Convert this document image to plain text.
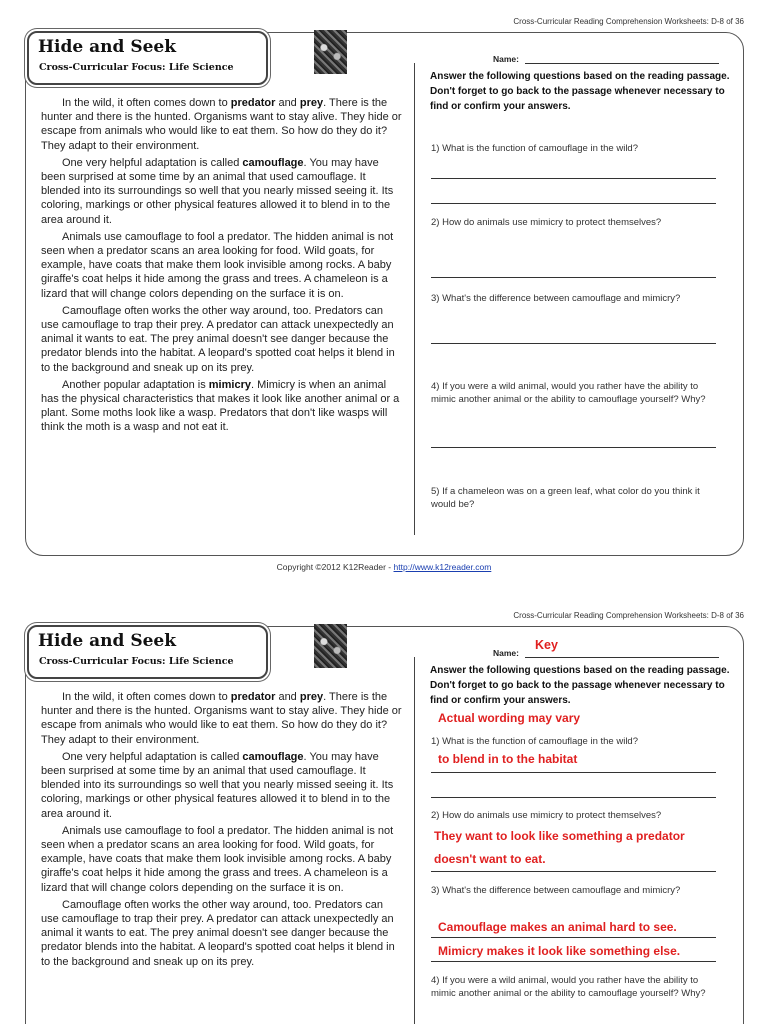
Cross-Curricular Reading Comprehension Worksheets: D-8 of 36
Hide and Seek
Cross-Curricular Focus: Life Science

In the wild, it often comes down to predator and prey. There is the hunter and there is the hunted. Organisms want to stay alive. They hide or escape from animals who would like to eat them. So how do they do it? They adapt to their environment.

One very helpful adaptation is called camouflage. You may have been surprised at some time by an animal that used camouflage. It blended into its surroundings so well that you nearly missed seeing it. Its coloring, markings or other physical features allowed it to blend in to the area around it.

Animals use camouflage to fool a predator. The hidden animal is not seen when a predator scans an area looking for food. Wild goats, for example, have coats that make them look invisible among rocks. A baby giraffe's coat helps it hide among the grass and trees. A chameleon is a lizard that will change colors depending on the surface it is on.

Camouflage often works the other way around, too. Predators can use camouflage to trap their prey. A predator can attack unexpectedly an animal it wants to eat. The prey animal doesn't see danger because the predator blends into the habitat. A leopard's spotted coat helps it blend in to the background and sneak up on its prey.

Another popular adaptation is mimicry. Mimicry is when an animal has the physical characteristics that makes it look like another animal or a plant. Some moths look like a wasp. Predators that don't like wasps will think the moth is a wasp and not eat it.

Name:
Answer the following questions based on the reading passage. Don't forget to go back to the passage whenever necessary to find or confirm your answers.
1) What is the function of camouflage in the wild?
2) How do animals use mimicry to protect themselves?
3) What's the difference between camouflage and mimicry?
4) If you were a wild animal, would you rather have the ability to mimic another animal or the ability to camouflage yourself? Why?
5) If a chameleon was on a green leaf, what color do you think it would be?
Copyright ©2012 K12Reader - http://www.k12reader.com
Cross-Curricular Reading Comprehension Worksheets: D-8 of 36
Hide and Seek
Cross-Curricular Focus: Life Science

In the wild, it often comes down to predator and prey. There is the hunter and there is the hunted. Organisms want to stay alive. They hide or escape from animals who would like to eat them. So how do they do it? They adapt to their environment.

One very helpful adaptation is called camouflage. You may have been surprised at some time by an animal that used camouflage. It blended into its surroundings so well that you nearly missed seeing it. Its coloring, markings or other physical features allowed it to blend in to the area around it.

Animals use camouflage to fool a predator. The hidden animal is not seen when a predator scans an area looking for food. Wild goats, for example, have coats that make them look invisible among rocks. A baby giraffe's coat helps it hide among the grass and trees. A chameleon is a lizard that will change colors depending on the surface it is on.

Camouflage often works the other way around, too. Predators can use camouflage to trap their prey. A predator can attack unexpectedly an animal it wants to eat. The prey animal doesn't see danger because the predator blends into the habitat. A leopard's spotted coat helps it blend in to the background and sneak up on its prey.

Name:
Key
Answer the following questions based on the reading passage. Don't forget to go back to the passage whenever necessary to find or confirm your answers.
Actual wording may vary
1) What is the function of camouflage in the wild?
to blend in to the habitat
2) How do animals use mimicry to protect themselves?
They want to look like something a predator
doesn't want to eat.
3) What's the difference between camouflage and mimicry?
Camouflage makes an animal hard to see.
Mimicry makes it look like something else.
4) If you were a wild animal, would you rather have the ability to mimic another animal or the ability to camouflage yourself? Why?
